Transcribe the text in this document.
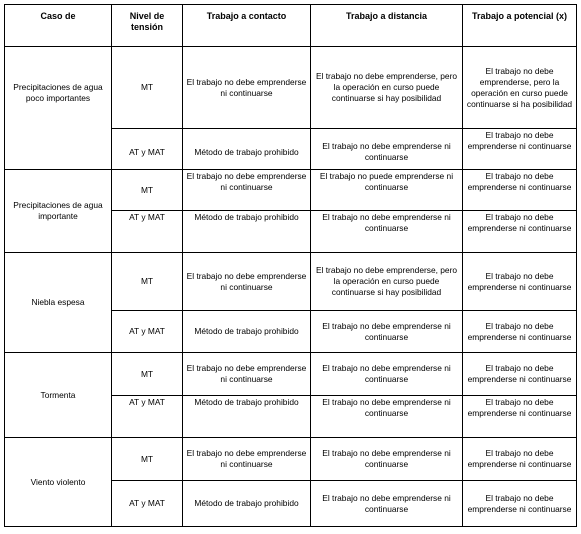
Caso de	Nivel de tensión	Trabajo a contacto	Trabajo a distancia	Trabajo a potencial (x)
Precipitaciones de agua poco importantes	MT	El trabajo no debe emprenderse ni continuarse	El trabajo no debe emprenderse, pero la operación en curso puede continuarse si hay posibilidad	El trabajo no debe emprenderse, pero la operación en curso puede continuarse si ha posibilidad
	AT y MAT	Método de trabajo prohibido	El trabajo no debe emprenderse ni continuarse	El trabajo no debe emprenderse ni continuarse
Precipitaciones de agua importante	MT	El trabajo no debe emprenderse ni continuarse	El trabajo no puede emprenderse ni continuarse	El trabajo no debe emprenderse ni continuarse
	AT y MAT	Método de trabajo prohibido	El trabajo no debe emprenderse ni continuarse	El trabajo no debe emprenderse ni continuarse
Niebla espesa	MT	El trabajo no debe emprenderse ni continuarse	El trabajo no debe emprenderse, pero la operación en curso puede continuarse si hay posibilidad	El trabajo no debe emprenderse ni continuarse
	AT y MAT	Método de trabajo prohibido	El trabajo no debe emprenderse ni continuarse	El trabajo no debe emprenderse ni continuarse
Tormenta	MT	El trabajo no debe emprenderse ni continuarse	El trabajo no debe emprenderse ni continuarse	El trabajo no debe emprenderse ni continuarse
	AT y MAT	Método de trabajo prohibido	El trabajo no debe emprenderse ni continuarse	El trabajo no debe emprenderse ni continuarse
Viento violento	MT	El trabajo no debe emprenderse ni continuarse	El trabajo no debe emprenderse ni continuarse	El trabajo no debe emprenderse ni continuarse
	AT y MAT	Método de trabajo prohibido	El trabajo no debe emprenderse ni continuarse	El trabajo no debe emprenderse ni continuarse
